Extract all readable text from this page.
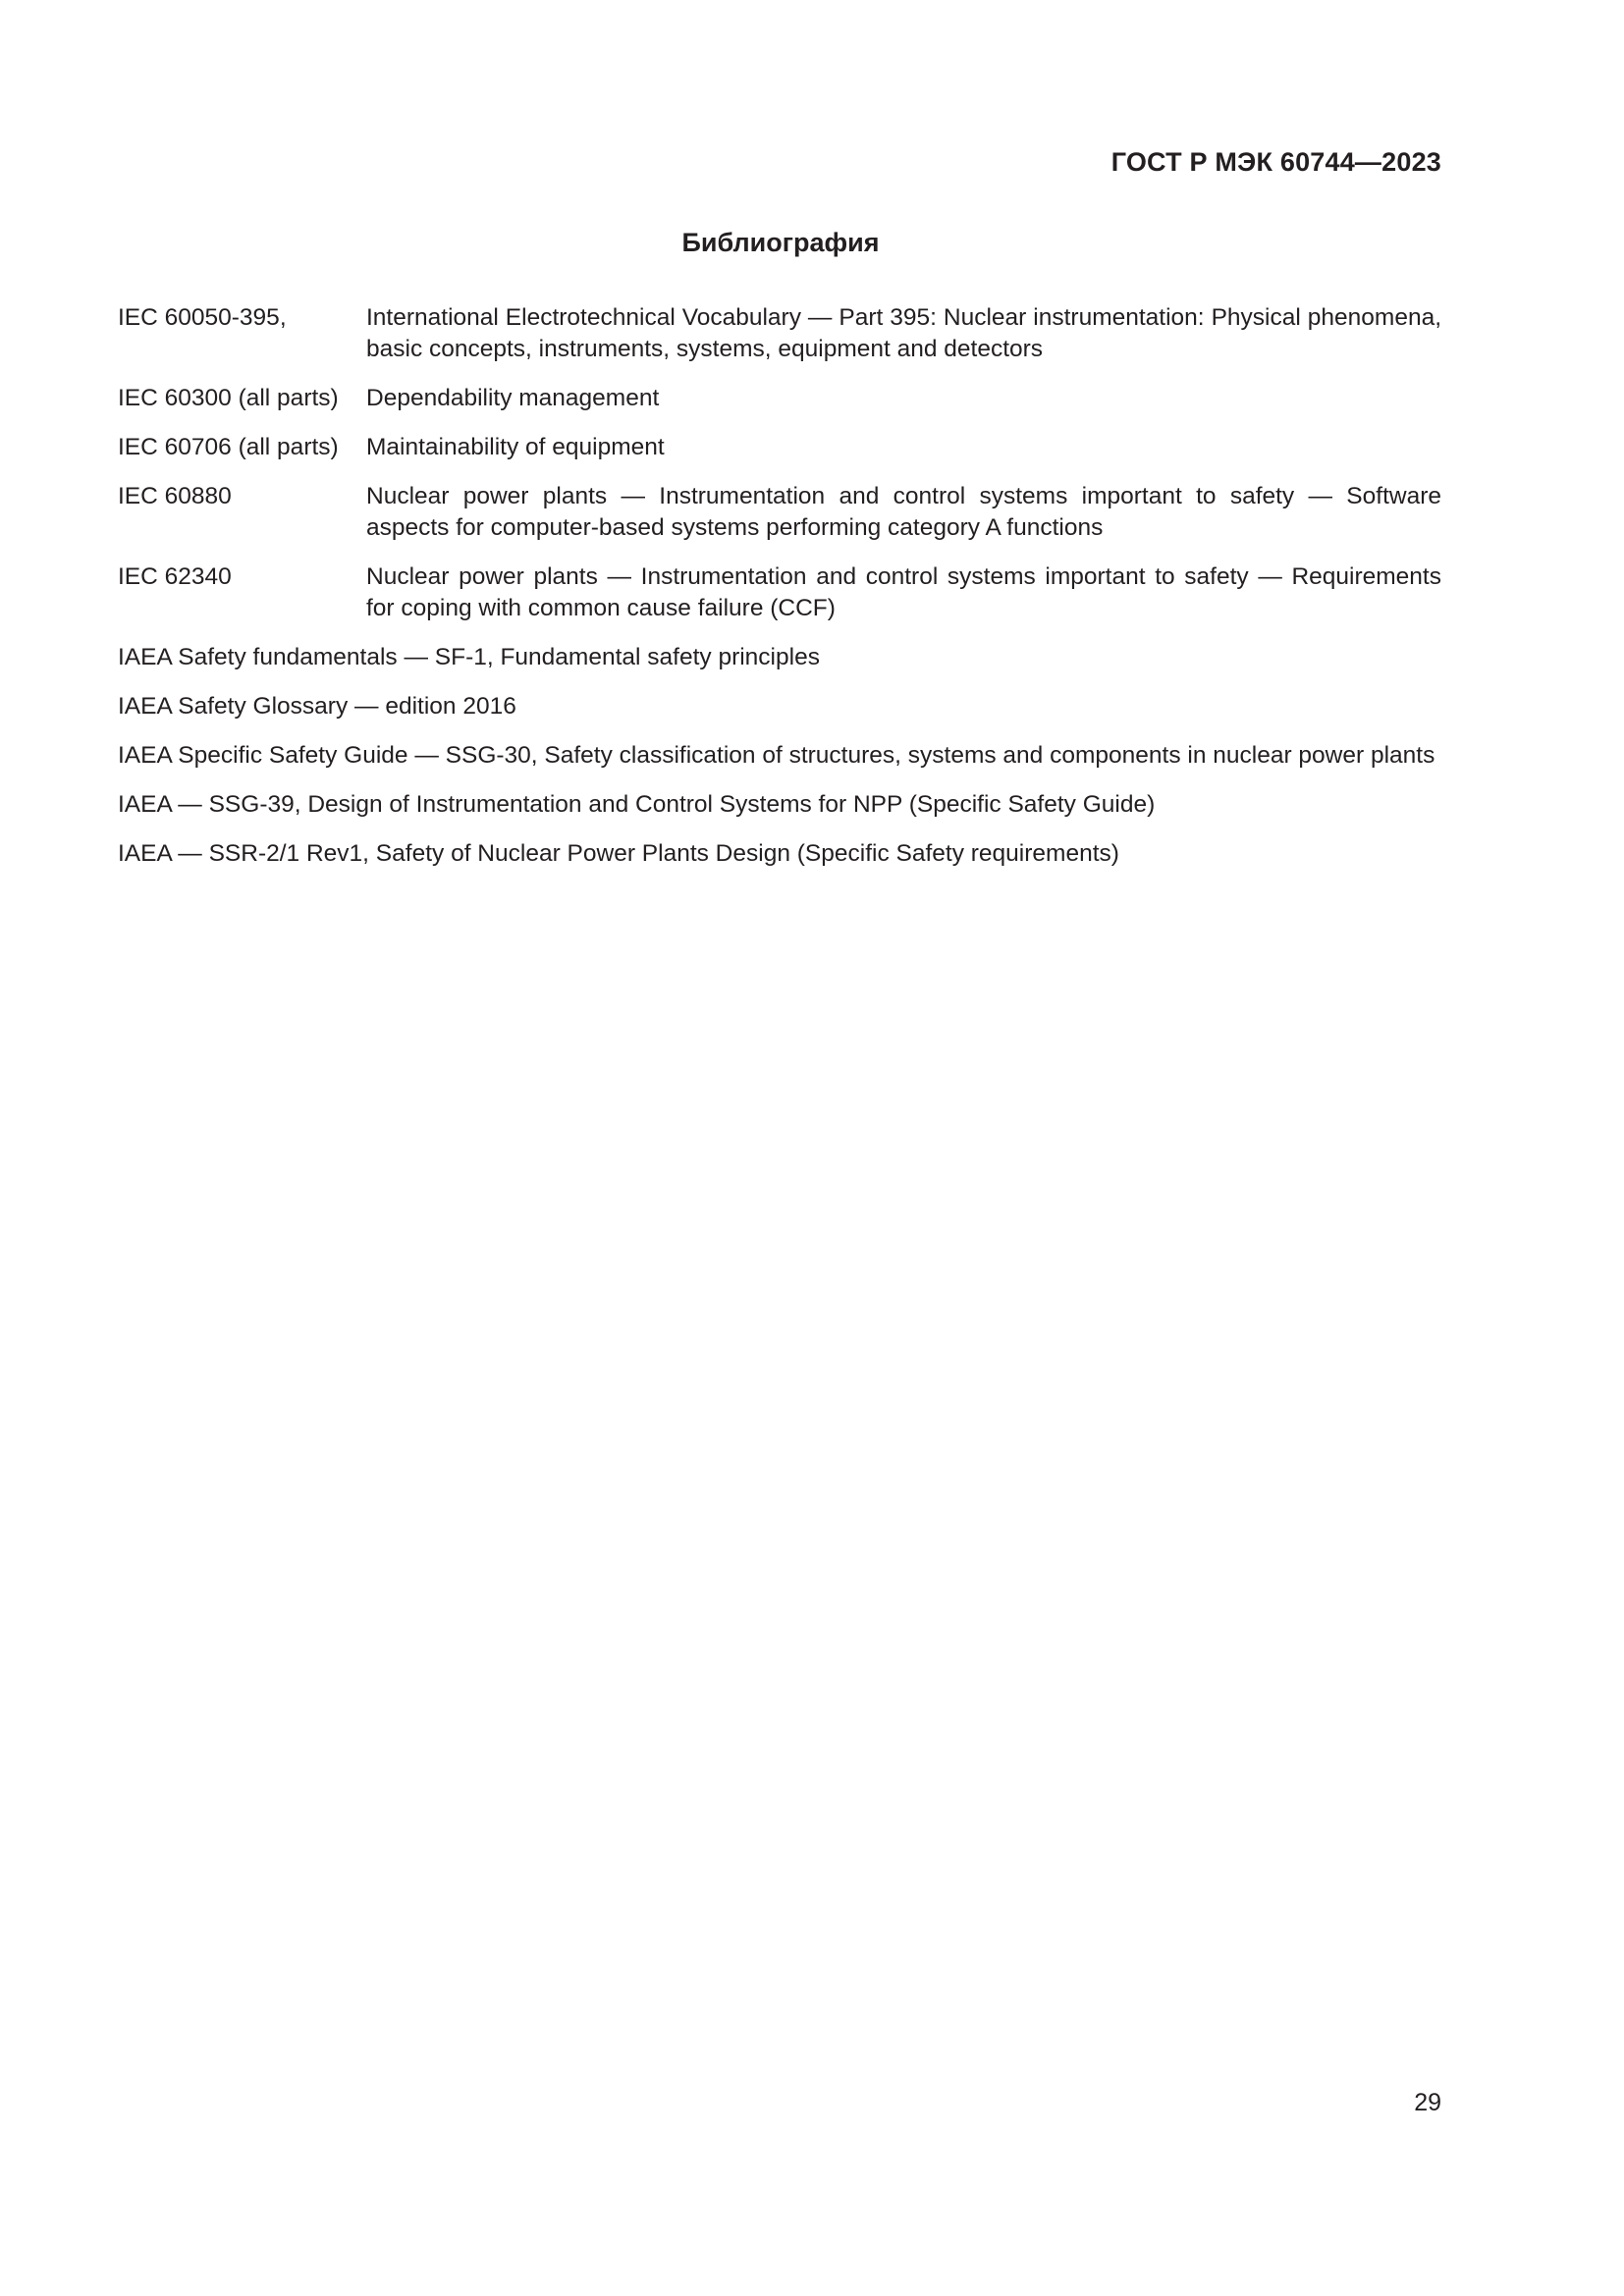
ГОСТ Р МЭК 60744—2023
Библиография
IEC 60050-395,	International Electrotechnical Vocabulary — Part 395: Nuclear instrumentation: Physical phenomena, basic concepts, instruments, systems, equipment and detectors
IEC 60300 (all parts)	Dependability management
IEC 60706 (all parts)	Maintainability of equipment
IEC 60880	Nuclear power plants — Instrumentation and control systems important to safety — Software aspects for computer-based systems performing category A functions
IEC 62340	Nuclear power plants — Instrumentation and control systems important to safety — Requirements for coping with common cause failure (CCF)
IAEA Safety fundamentals — SF-1, Fundamental safety principles
IAEA Safety Glossary — edition 2016
IAEA Specific Safety Guide — SSG-30, Safety classification of structures, systems and components in nuclear power plants
IAEA — SSG-39, Design of Instrumentation and Control Systems for NPP (Specific Safety Guide)
IAEA — SSR-2/1 Rev1, Safety of Nuclear Power Plants Design (Specific Safety requirements)
29
